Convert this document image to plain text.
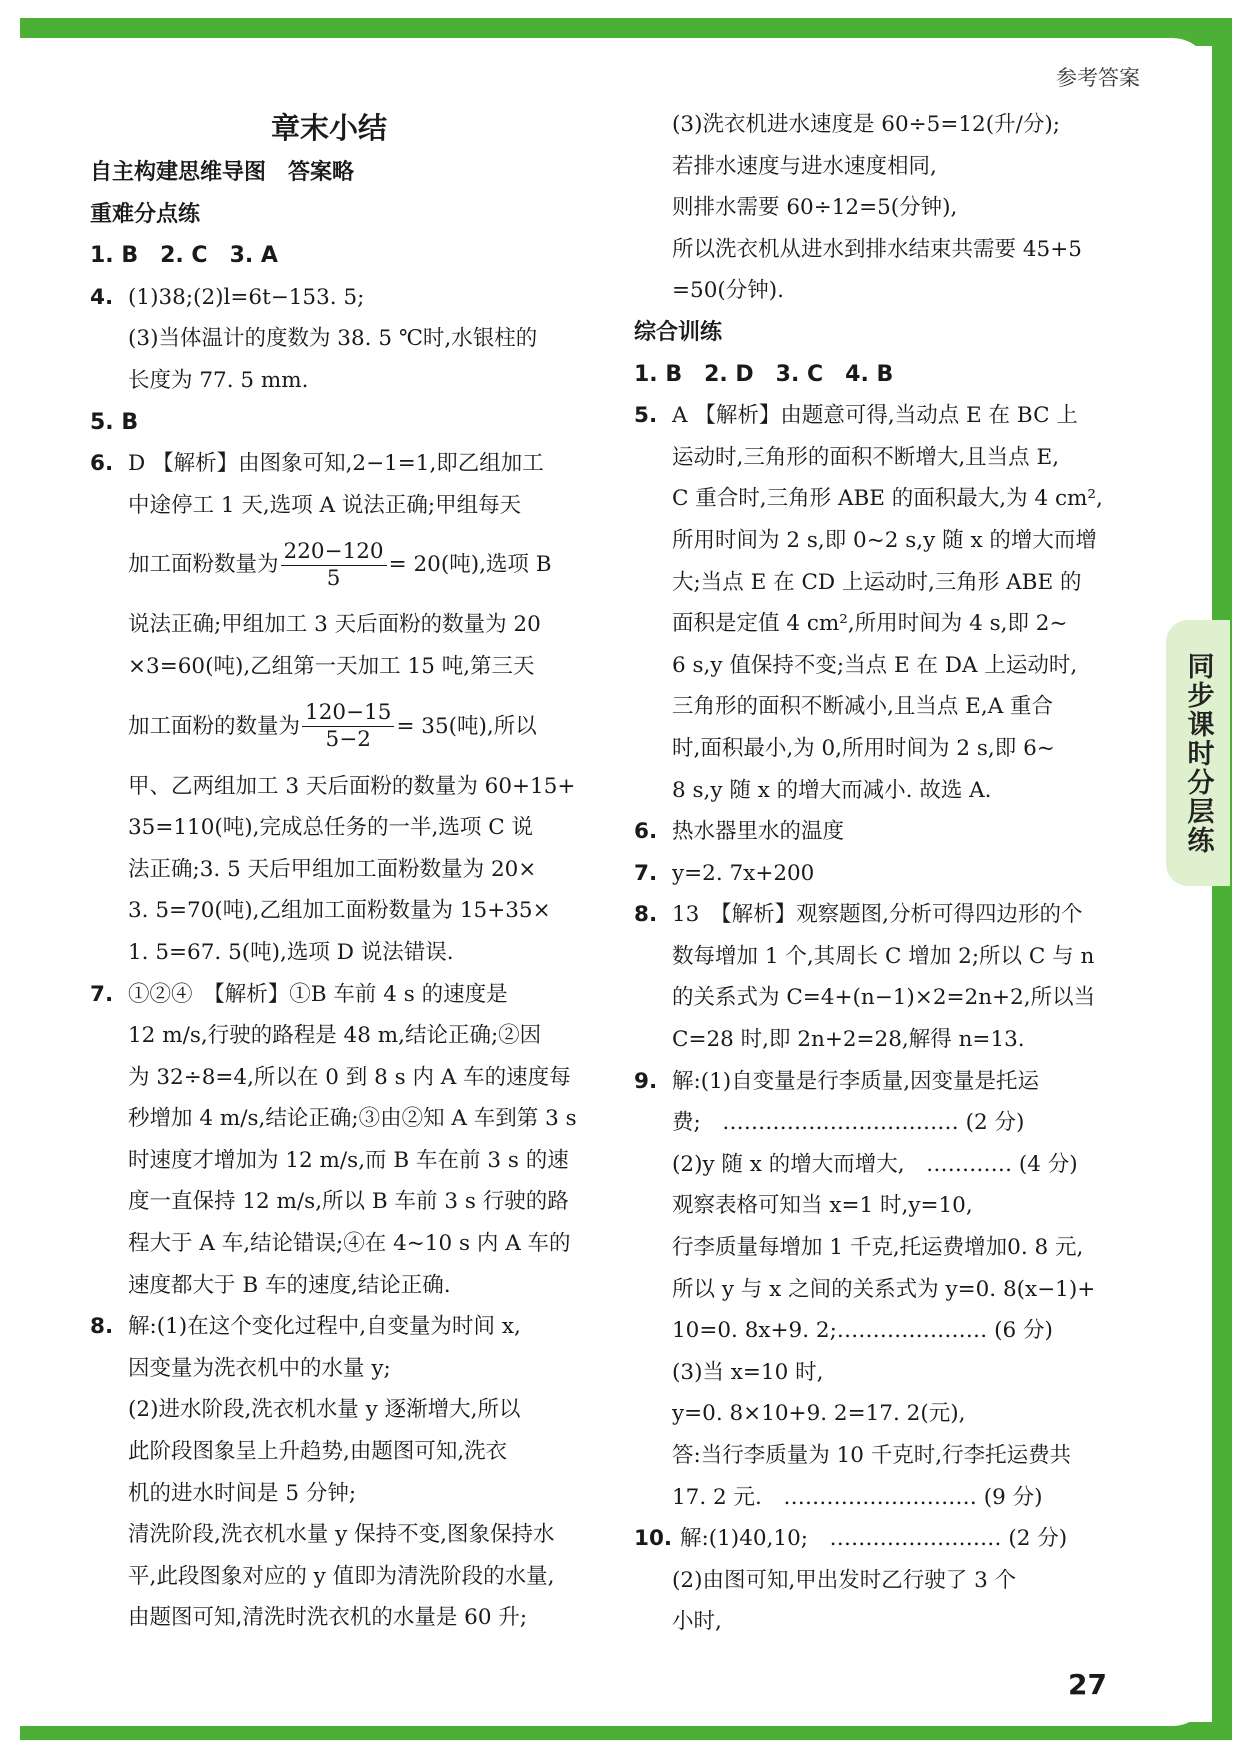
参考答案
同步课时分层练
章末小结
自主构建思维导图　答案略
重难分点练
1. B　2. C　3. A
4. (1)38;(2)l=6t−153. 5;
(3)当体温计的度数为 38. 5 ℃时,水银柱的
长度为 77. 5 mm.
5. B
6. D 【解析】由图象可知,2−1=1,即乙组加工
中途停工 1 天,选项 A 说法正确;甲组每天
加工面粉数量为 $\frac{220-120}{5} = 20$(吨),选项 B
说法正确;甲组加工 3 天后面粉的数量为 20
×3=60(吨),乙组第一天加工 15 吨,第三天
加工面粉的数量为 $\frac{120-15}{5-2} = 35$(吨),所以
甲、乙两组加工 3 天后面粉的数量为 60+15+
35=110(吨),完成总任务的一半,选项 C 说
法正确;3. 5 天后甲组加工面粉数量为 20×
3. 5=70(吨),乙组加工面粉数量为 15+35×
1. 5=67. 5(吨),选项 D 说法错误.
7. ①②④　【解析】①B 车前 4 s 的速度是
12 m/s,行驶的路程是 48 m,结论正确;②因
为 32÷8=4,所以在 0 到 8 s 内 A 车的速度每
秒增加 4 m/s,结论正确;③由②知 A 车到第 3 s
时速度才增加为 12 m/s,而 B 车在前 3 s 的速
度一直保持 12 m/s,所以 B 车前 3 s 行驶的路
程大于 A 车,结论错误;④在 4~10 s 内 A 车的
速度都大于 B 车的速度,结论正确.
8. 解:(1)在这个变化过程中,自变量为时间 x,
因变量为洗衣机中的水量 y;
(2)进水阶段,洗衣机水量 y 逐渐增大,所以
此阶段图象呈上升趋势,由题图可知,洗衣
机的进水时间是 5 分钟;
清洗阶段,洗衣机水量 y 保持不变,图象保持水
平,此段图象对应的 y 值即为清洗阶段的水量,
由题图可知,清洗时洗衣机的水量是 60 升;
(3)洗衣机进水速度是 60÷5=12(升/分);
若排水速度与进水速度相同,
则排水需要 60÷12=5(分钟),
所以洗衣机从进水到排水结束共需要 45+5
=50(分钟).
综合训练
1. B　2. D　3. C　4. B
5. A 【解析】由题意可得,当动点 E 在 BC 上
运动时,三角形的面积不断增大,且当点 E,
C 重合时,三角形 ABE 的面积最大,为 4 cm²,
所用时间为 2 s,即 0~2 s,y 随 x 的增大而增
大;当点 E 在 CD 上运动时,三角形 ABE 的
面积是定值 4 cm²,所用时间为 4 s,即 2~
6 s,y 值保持不变;当点 E 在 DA 上运动时,
三角形的面积不断减小,且当点 E,A 重合
时,面积最小,为 0,所用时间为 2 s,即 6~
8 s,y 随 x 的增大而减小. 故选 A.
6. 热水器里水的温度
7. y=2. 7x+200
8. 13　【解析】观察题图,分析可得四边形的个
数每增加 1 个,其周长 C 增加 2;所以 C 与 n
的关系式为 C=4+(n−1)×2=2n+2,所以当
C=28 时,即 2n+2=28,解得 n=13.
9. 解:(1)自变量是行李质量,因变量是托运
费;　…………………………… (2 分)
(2)y 随 x 的增大而增大,　………… (4 分)
观察表格可知当 x=1 时,y=10,
行李质量每增加 1 千克,托运费增加0. 8 元,
所以 y 与 x 之间的关系式为 y=0. 8(x−1)+
10=0. 8x+9. 2;………………… (6 分)
(3)当 x=10 时,
y=0. 8×10+9. 2=17. 2(元),
答:当行李质量为 10 千克时,行李托运费共
17. 2 元.　……………………… (9 分)
10. 解:(1)40,10;　…………………… (2 分)
(2)由图可知,甲出发时乙行驶了 3 个
小时,
27
